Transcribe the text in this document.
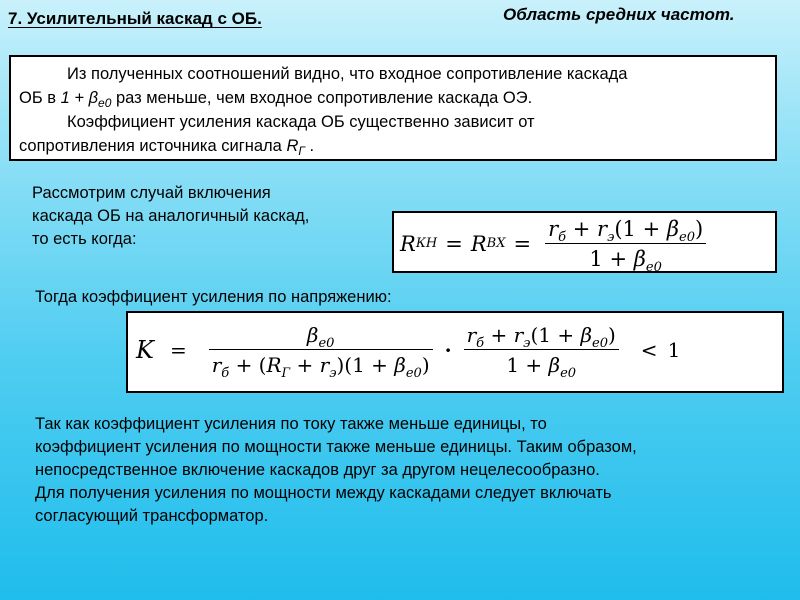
7. Усилительный каскад с ОБ.	Область средних частот.

Из полученных соотношений видно, что входное сопротивление каскада

ОБ в $1 + \beta_{е0}$ раз меньше, чем входное сопротивление каскада ОЭ.

Коэффициент усиления каскада ОБ существенно зависит от

сопротивления источника сигнала $R_Г$ .

Рассмотрим случай включения
каскада ОБ на аналогичный каскад,
то есть когда:	R КН = R ВХ = $\frac{r_б + r_э(1 + \beta_{e0})}{1 + \beta_{e0}}$
Тогда коэффициент усиления по напряжению:
$K = \frac{\beta_{e0}}{r_б + (R_Г + r_э)(1 + \beta_{e0})} \cdot \frac{r_б + r_э(1 + \beta_{e0})}{1 + \beta_{e0}} < 1$
Так как коэффициент усиления по току также меньше единицы, то
коэффициент усиления по мощности также меньше единицы. Таким образом,
непосредственное включение каскадов друг за другом нецелесообразно.
Для получения усиления по мощности между каскадами следует включать
согласующий трансформатор.
